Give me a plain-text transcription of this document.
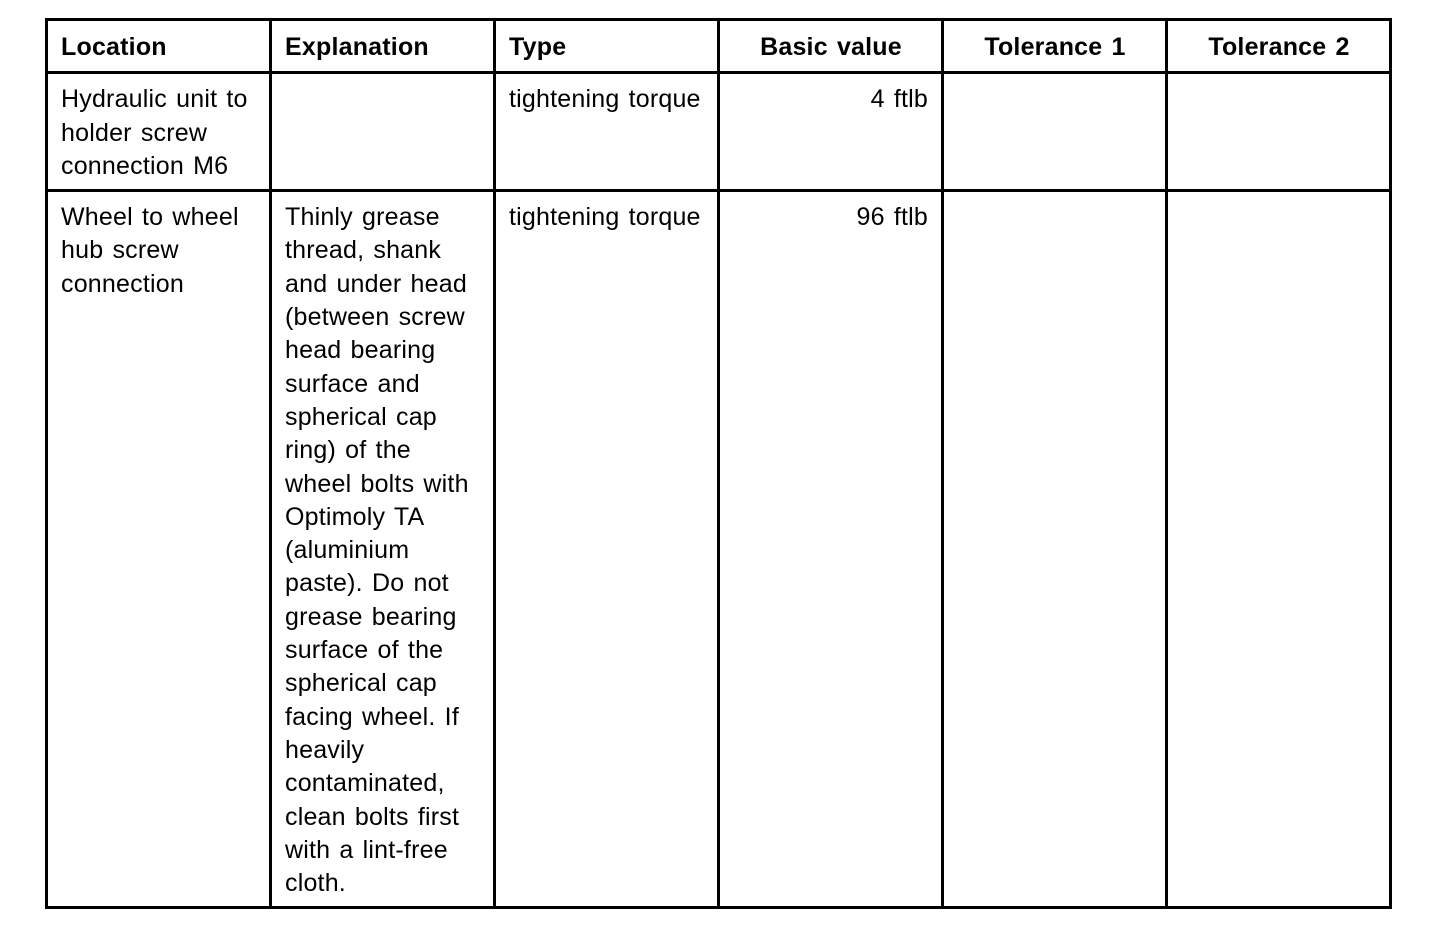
Location	Explanation	Type	Basic value	Tolerance 1	Tolerance 2
Hydraulic unit to holder screw connection M6		tightening torque	4 ftlb		
Wheel to wheel hub screw connection	Thinly grease thread, shank and under head (between screw head bearing surface and spherical cap ring) of the wheel bolts with Optimoly TA (aluminium paste). Do not grease bearing surface of the spherical cap facing wheel. If heavily contaminated, clean bolts first with a lint-free cloth.	tightening torque	96 ftlb		
